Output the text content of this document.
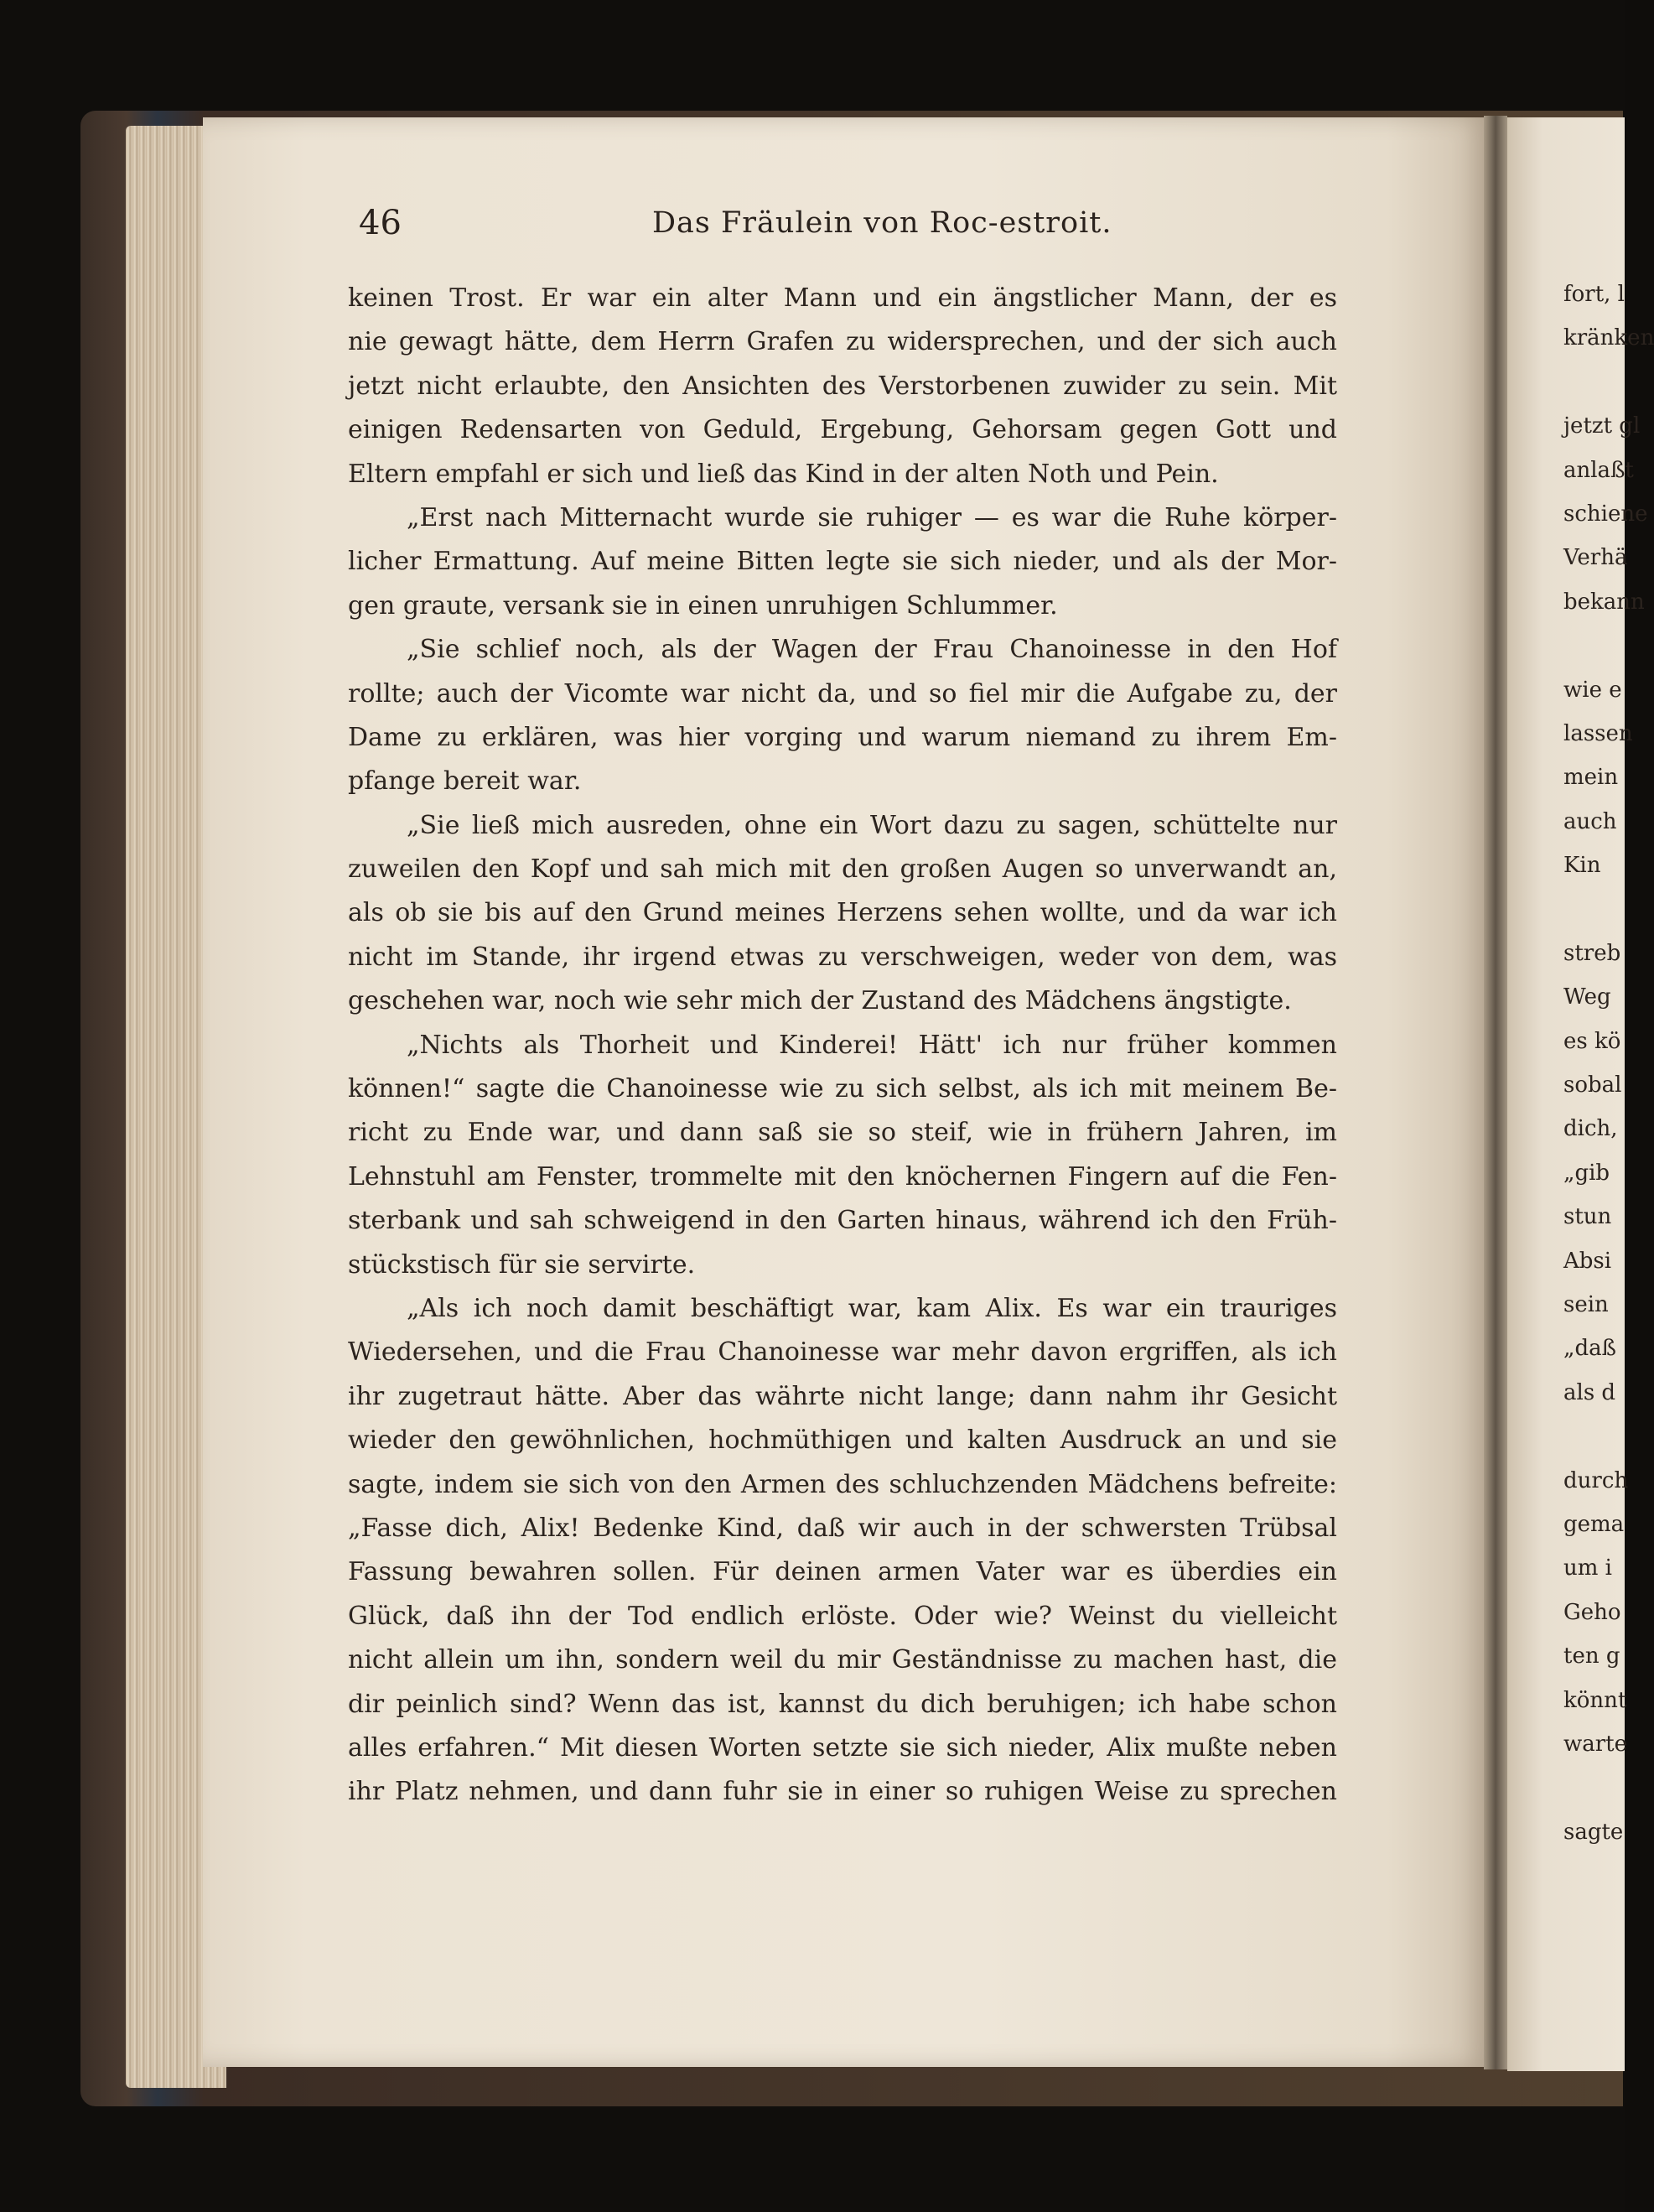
46	Das Fräulein von Roc-estroit.
keinen Trost. Er war ein alter Mann und ein ängstlicher Mann, der es
nie gewagt hätte, dem Herrn Grafen zu widersprechen, und der sich auch
jetzt nicht erlaubte, den Ansichten des Verstorbenen zuwider zu sein. Mit
einigen Redensarten von Geduld, Ergebung, Gehorsam gegen Gott und
Eltern empfahl er sich und ließ das Kind in der alten Noth und Pein.
„Erst nach Mitternacht wurde sie ruhiger — es war die Ruhe körper-
licher Ermattung. Auf meine Bitten legte sie sich nieder, und als der Mor-
gen graute, versank sie in einen unruhigen Schlummer.
„Sie schlief noch, als der Wagen der Frau Chanoinesse in den Hof
rollte; auch der Vicomte war nicht da, und so fiel mir die Aufgabe zu, der
Dame zu erklären, was hier vorging und warum niemand zu ihrem Em-
pfange bereit war.
„Sie ließ mich ausreden, ohne ein Wort dazu zu sagen, schüttelte nur
zuweilen den Kopf und sah mich mit den großen Augen so unverwandt an,
als ob sie bis auf den Grund meines Herzens sehen wollte, und da war ich
nicht im Stande, ihr irgend etwas zu verschweigen, weder von dem, was
geschehen war, noch wie sehr mich der Zustand des Mädchens ängstigte.
„Nichts als Thorheit und Kinderei! Hätt' ich nur früher kommen
können!“ sagte die Chanoinesse wie zu sich selbst, als ich mit meinem Be-
richt zu Ende war, und dann saß sie so steif, wie in frühern Jahren, im
Lehnstuhl am Fenster, trommelte mit den knöchernen Fingern auf die Fen-
sterbank und sah schweigend in den Garten hinaus, während ich den Früh-
stückstisch für sie servirte.
„Als ich noch damit beschäftigt war, kam Alix. Es war ein trauriges
Wiedersehen, und die Frau Chanoinesse war mehr davon ergriffen, als ich
ihr zugetraut hätte. Aber das währte nicht lange; dann nahm ihr Gesicht
wieder den gewöhnlichen, hochmüthigen und kalten Ausdruck an und sie
sagte, indem sie sich von den Armen des schluchzenden Mädchens befreite:
„Fasse dich, Alix! Bedenke Kind, daß wir auch in der schwersten Trübsal
Fassung bewahren sollen. Für deinen armen Vater war es überdies ein
Glück, daß ihn der Tod endlich erlöste. Oder wie? Weinst du vielleicht
nicht allein um ihn, sondern weil du mir Geständnisse zu machen hast, die
dir peinlich sind? Wenn das ist, kannst du dich beruhigen; ich habe schon
alles erfahren.“ Mit diesen Worten setzte sie sich nieder, Alix mußte neben
ihr Platz nehmen, und dann fuhr sie in einer so ruhigen Weise zu sprechen
fort, l
kränken
jetzt gl
anlaßt
schiene
Verhä
bekann
wie e
lassen
mein
auch
Kin
streb
Weg
es kö
sobal
dich,
„gib
stun
Absi
sein
„daß
als d
durch
gema
um i
Geho
ten g
könnt
warte
sagte
